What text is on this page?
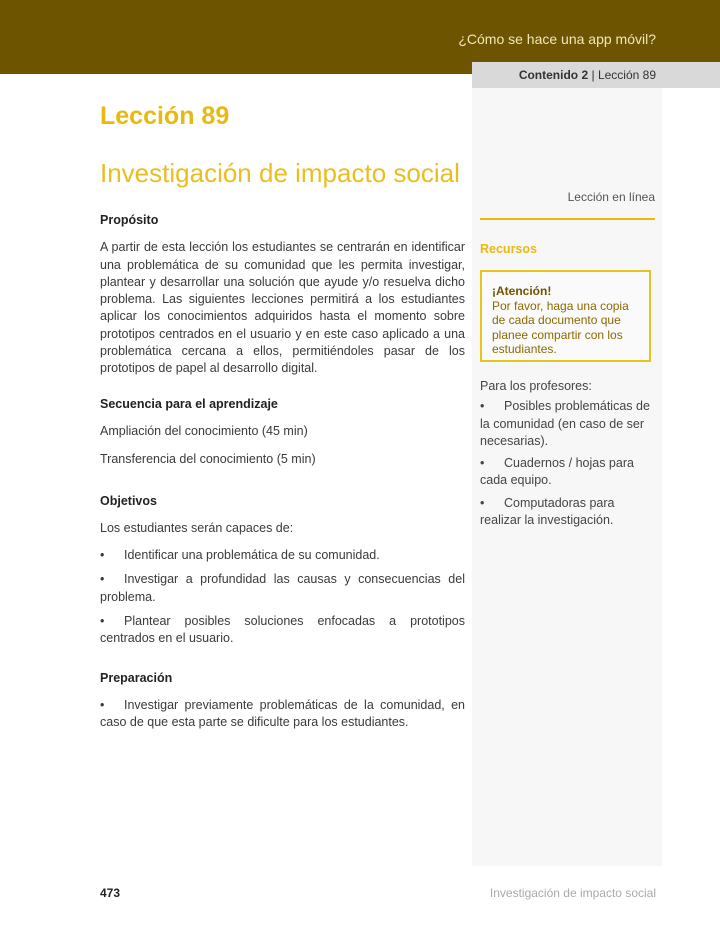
¿Cómo se hace una app móvil?
Contenido 2 | Lección 89
Lección 89
Investigación de impacto social

Propósito

A partir de esta lección los estudiantes se centrarán en identificar una problemática de su comunidad que les permita investigar, plantear y desarrollar una solución que ayude y/o resuelva dicho problema. Las siguientes lecciones permitirá a los estudiantes aplicar los conocimientos adquiridos hasta el momento sobre prototipos centrados en el usuario y en este caso aplicado a una problemática cercana a ellos, permitiéndoles pasar de los prototipos de papel al desarrollo digital.

Secuencia para el aprendizaje

Ampliación del conocimiento (45 min)

Transferencia del conocimiento (5 min)

Objetivos

Los estudiantes serán capaces de:

• Identificar una problemática de su comunidad.

• Investigar a profundidad las causas y consecuencias del problema.

• Plantear posibles soluciones enfocadas a prototipos centrados en el usuario.

Preparación

• Investigar previamente problemáticas de la comunidad, en caso de que esta parte se dificulte para los estudiantes.

Lección en línea
Recursos
¡Atención!
Por favor, haga una copia de cada documento que planee compartir con los estudiantes.
Para los profesores:
• Posibles problemáticas de la comunidad (en caso de ser necesarias).
• Cuadernos / hojas para cada equipo.
• Computadoras para realizar la investigación.
473	Investigación de impacto social
